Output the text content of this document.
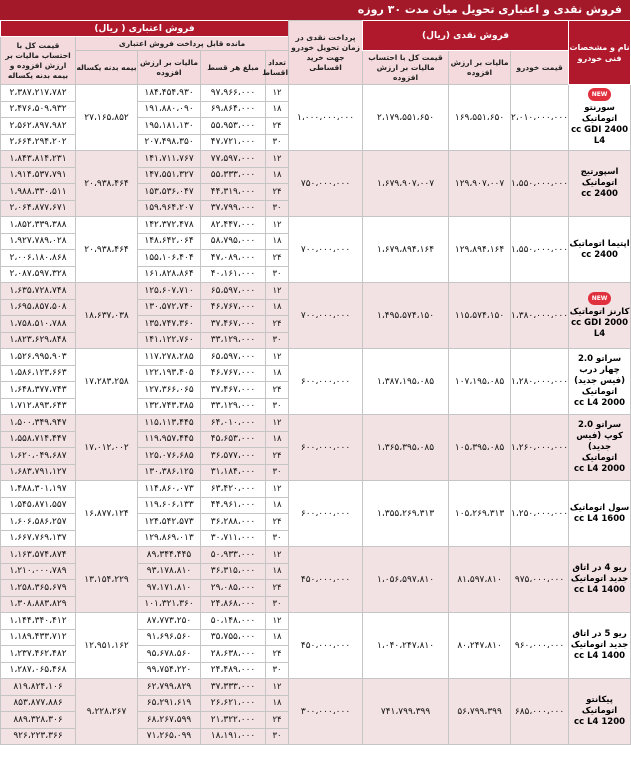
فروش نقدی و اعتباری تحویل میان مدت ۳۰ روزه
نام و مشخصات فنی خودرو	فروش نقدی (ریال)			پرداخت نقدی در زمان تحویل خودرو جهت خرید اقساطی	فروش اعتباری ( ریال)				
					مانده قابل پرداخت فروش اعتباری				قیمت کل با احتساب مالیات بر ارزش افزوده و بیمه بدنه یکساله
	قیمت خودرو	مالیات بر ارزش افزوده	قیمت کل با احتساب مالیات بر ارزش افزوده		تعداد اقساط	مبلغ هر قسط	مالیات بر ارزش افزوده	بیمه بدنه یکساله	
NEW
سورنتو اتوماتیک 2400 cc GDI L4	۲،۰۱۰،۰۰۰،۰۰۰	۱۶۹،۵۵۱،۶۵۰	۲،۱۷۹،۵۵۱،۶۵۰	۱،۰۰۰،۰۰۰،۰۰۰	۱۲	۹۷،۹۶۶،۰۰۰	۱۸۴،۴۵۴،۹۳۰	۲۷،۱۶۵،۸۵۲	۲،۳۸۷،۲۱۷،۷۸۲
					۱۸	۶۹،۸۶۴،۰۰۰	۱۹۱،۸۸۰،۰۹۰		۲،۴۷۶،۵۰۹،۹۳۲
					۲۴	۵۵،۹۵۳،۰۰۰	۱۹۵،۱۸۱،۱۳۰		۲،۵۶۲،۸۹۷،۹۸۲
					۳۰	۴۷،۷۲۱،۰۰۰	۲۰۷،۴۹۸،۳۵۰		۲،۶۶۴،۲۹۴،۲۰۲
اسپورتیج اتوماتیک 2400 cc	۱،۵۵۰،۰۰۰،۰۰۰	۱۲۹،۹۰۷،۰۰۷	۱،۶۷۹،۹۰۷،۰۰۷	۷۵۰،۰۰۰،۰۰۰	۱۲	۷۷،۵۹۷،۰۰۰	۱۴۱،۷۱۱،۷۶۷	۲۰،۹۳۸،۴۶۴	۱،۸۴۳،۸۱۴،۲۳۱
					۱۸	۵۵،۳۳۳،۰۰۰	۱۴۷،۵۵۱،۳۲۷		۱،۹۱۴،۵۳۷،۷۹۱
					۲۴	۴۴،۳۱۹،۰۰۰	۱۵۳،۵۳۶،۰۴۷		۱،۹۸۸،۳۳۰،۵۱۱
					۳۰	۳۷،۷۹۹،۰۰۰	۱۵۹،۹۶۴،۲۰۷		۲،۰۶۴،۸۷۷،۶۷۱
اپتیما اتوماتیک 2400 cc	۱،۵۵۰،۰۰۰،۰۰۰	۱۲۹،۸۹۴،۱۶۴	۱،۶۷۹،۸۹۴،۱۶۴	۷۰۰،۰۰۰،۰۰۰	۱۲	۸۲،۴۴۷،۰۰۰	۱۴۲،۳۷۲،۴۷۸	۲۰،۹۳۸،۴۶۴	۱،۸۵۲،۳۳۹،۳۸۸
					۱۸	۵۸،۷۹۵،۰۰۰	۱۴۸،۶۴۲،۰۶۴		۱،۹۲۷،۷۸۹،۰۲۸
					۲۴	۴۷،۰۸۹،۰۰۰	۱۵۵،۱۰۶،۴۰۴		۲،۰۰۶،۱۸۰،۸۶۸
					۳۰	۴۰،۱۶۱،۰۰۰	۱۶۱،۸۲۸،۸۶۴		۲،۰۸۷،۵۹۷،۳۲۸
NEW
کارنز اتوماتیک 2000 cc GDI L4	۱،۳۸۰،۰۰۰،۰۰۰	۱۱۵،۵۷۴،۱۵۰	۱،۴۹۵،۵۷۴،۱۵۰	۷۰۰،۰۰۰،۰۰۰	۱۲	۶۵،۵۹۷،۰۰۰	۱۲۵،۶۰۷،۷۱۰	۱۸،۶۳۷،۰۳۸	۱،۶۳۵،۷۲۸،۷۴۸
					۱۸	۴۶،۷۶۷،۰۰۰	۱۳۰،۵۷۲،۷۴۰		۱،۶۹۵،۸۵۷،۵۰۸
					۲۴	۳۷،۴۶۷،۰۰۰	۱۳۵،۷۴۷،۳۶۰		۱،۷۵۸،۵۱۰،۷۸۸
					۳۰	۳۳،۱۲۹،۰۰۰	۱۴۱،۱۲۲،۷۶۰		۱،۸۲۳،۶۲۹،۸۴۸
سراتو 2.0 چهار درب (فیس جدید) اتوماتیک 2000 cc L4	۱،۲۸۰،۰۰۰،۰۰۰	۱۰۷،۱۹۵،۰۸۵	۱،۳۸۷،۱۹۵،۰۸۵	۶۰۰،۰۰۰،۰۰۰	۱۲	۶۵،۵۹۷،۰۰۰	۱۱۷،۲۷۸،۲۸۵	۱۷،۲۸۳،۲۵۸	۱،۵۲۶،۹۹۵،۹۰۳
					۱۸	۴۶،۷۶۷،۰۰۰	۱۲۲،۱۹۳،۴۰۵		۱،۵۸۶،۱۲۳،۶۶۳
					۲۴	۳۷،۴۶۷،۰۰۰	۱۲۷،۳۶۶،۰۶۵		۱،۶۴۸،۳۷۷،۷۴۳
					۳۰	۳۳،۱۲۹،۰۰۰	۱۳۲،۷۴۳،۳۸۵		۱،۷۱۲،۸۹۳،۶۴۳
سراتو 2.0 کوپ (فیس جدید) اتوماتیک 2000 cc L4	۱،۲۶۰،۰۰۰،۰۰۰	۱۰۵،۳۹۵،۰۸۵	۱،۳۶۵،۳۹۵،۰۸۵	۶۰۰،۰۰۰،۰۰۰	۱۲	۶۴،۰۱۰،۰۰۰	۱۱۵،۱۱۳،۴۴۵	۱۷،۰۱۲،۰۰۲	۱،۵۰۰،۳۴۹،۹۴۷
					۱۸	۴۵،۶۵۳،۰۰۰	۱۱۹،۹۵۷،۴۴۵		۱،۵۵۸،۷۱۴،۴۴۷
					۲۴	۳۶،۵۷۷،۰۰۰	۱۲۵،۰۷۶،۶۸۵		۱،۶۲۰،۰۴۹،۶۸۷
					۳۰	۳۱،۱۸۴،۰۰۰	۱۳۰،۳۸۶،۱۲۵		۱،۶۸۳،۷۹۱،۱۲۷
سول اتوماتیک 1600 cc L4	۱،۲۵۰،۰۰۰،۰۰۰	۱۰۵،۲۶۹،۳۱۳	۱،۳۵۵،۲۶۹،۳۱۳	۶۰۰،۰۰۰،۰۰۰	۱۲	۶۳،۴۲۰،۰۰۰	۱۱۴،۸۶۰،۰۷۳	۱۶،۸۷۷،۱۲۴	۱،۴۸۸،۳۰۱،۱۹۷
					۱۸	۴۴،۹۶۱،۰۰۰	۱۱۹،۶۰۶،۱۳۳		۱،۵۴۵،۸۷۱،۵۵۷
					۲۴	۳۶،۲۸۸،۰۰۰	۱۲۴،۵۴۲،۵۷۳		۱،۶۰۶،۵۸۶،۲۵۷
					۳۰	۳۰،۷۱۱،۰۰۰	۱۲۹،۸۶۹،۰۱۳		۱،۶۶۷،۷۶۹،۱۳۷
ریو 4 در اتاق جدید اتوماتیک 1400 cc L4	۹۷۵،۰۰۰،۰۰۰	۸۱،۵۹۷،۸۱۰	۱،۰۵۶،۵۹۷،۸۱۰	۴۵۰،۰۰۰،۰۰۰	۱۲	۵۰،۹۳۳،۰۰۰	۸۹،۳۴۴،۴۴۵	۱۳،۱۵۴،۲۲۹	۱،۱۶۳،۵۷۴،۸۷۴
					۱۸	۳۶،۳۱۵،۰۰۰	۹۳،۱۷۸،۸۱۰		۱،۲۱۰،۰۰۰،۷۸۹
					۲۴	۲۹،۰۸۵،۰۰۰	۹۷،۱۷۱،۸۱۰		۱،۲۵۸،۳۶۵،۶۷۹
					۳۰	۲۴،۸۶۸،۰۰۰	۱۰۱،۳۲۱،۳۶۰		۱،۳۰۸،۸۸۳،۸۲۹
ریو 5 در اتاق جدید اتوماتیک 1400 cc L4	۹۶۰،۰۰۰،۰۰۰	۸۰،۲۴۷،۸۱۰	۱،۰۴۰،۲۴۷،۸۱۰	۴۵۰،۰۰۰،۰۰۰	۱۲	۵۰،۱۴۸،۰۰۰	۸۷،۷۷۳،۲۵۰	۱۲،۹۵۱،۱۶۲	۱،۱۴۴،۳۴۰،۴۱۲
					۱۸	۳۵،۷۵۵،۰۰۰	۹۱،۶۹۶،۵۶۰		۱،۱۸۹،۴۳۳،۷۱۲
					۲۴	۲۸،۶۳۸،۰۰۰	۹۵،۶۷۸،۵۶۰		۱،۲۳۷،۴۶۲،۴۸۲
					۳۰	۲۴،۴۸۹،۰۰۰	۹۹،۷۵۴،۲۲۰		۱،۲۸۷،۰۶۵،۴۶۸
پیکانتو اتوماتیک 1200 cc L4	۶۸۵،۰۰۰،۰۰۰	۵۶،۷۹۹،۳۹۹	۷۴۱،۷۹۹،۳۹۹	۳۰۰،۰۰۰،۰۰۰	۱۲	۳۷،۳۳۳،۰۰۰	۶۲،۷۹۹،۸۲۹	۹،۲۲۸،۲۶۷	۸۱۹،۸۲۴،۱۰۶
					۱۸	۲۶،۶۲۱،۰۰۰	۶۵،۲۹۱،۶۱۹		۸۵۳،۸۷۷،۸۸۶
					۲۴	۲۱،۳۲۲،۰۰۰	۶۸،۲۶۷،۵۹۹		۸۸۹،۳۲۸،۳۰۶
					۳۰	۱۸،۱۹۱،۰۰۰	۷۱،۲۶۵،۰۹۹		۹۲۶،۲۲۳،۳۶۶
